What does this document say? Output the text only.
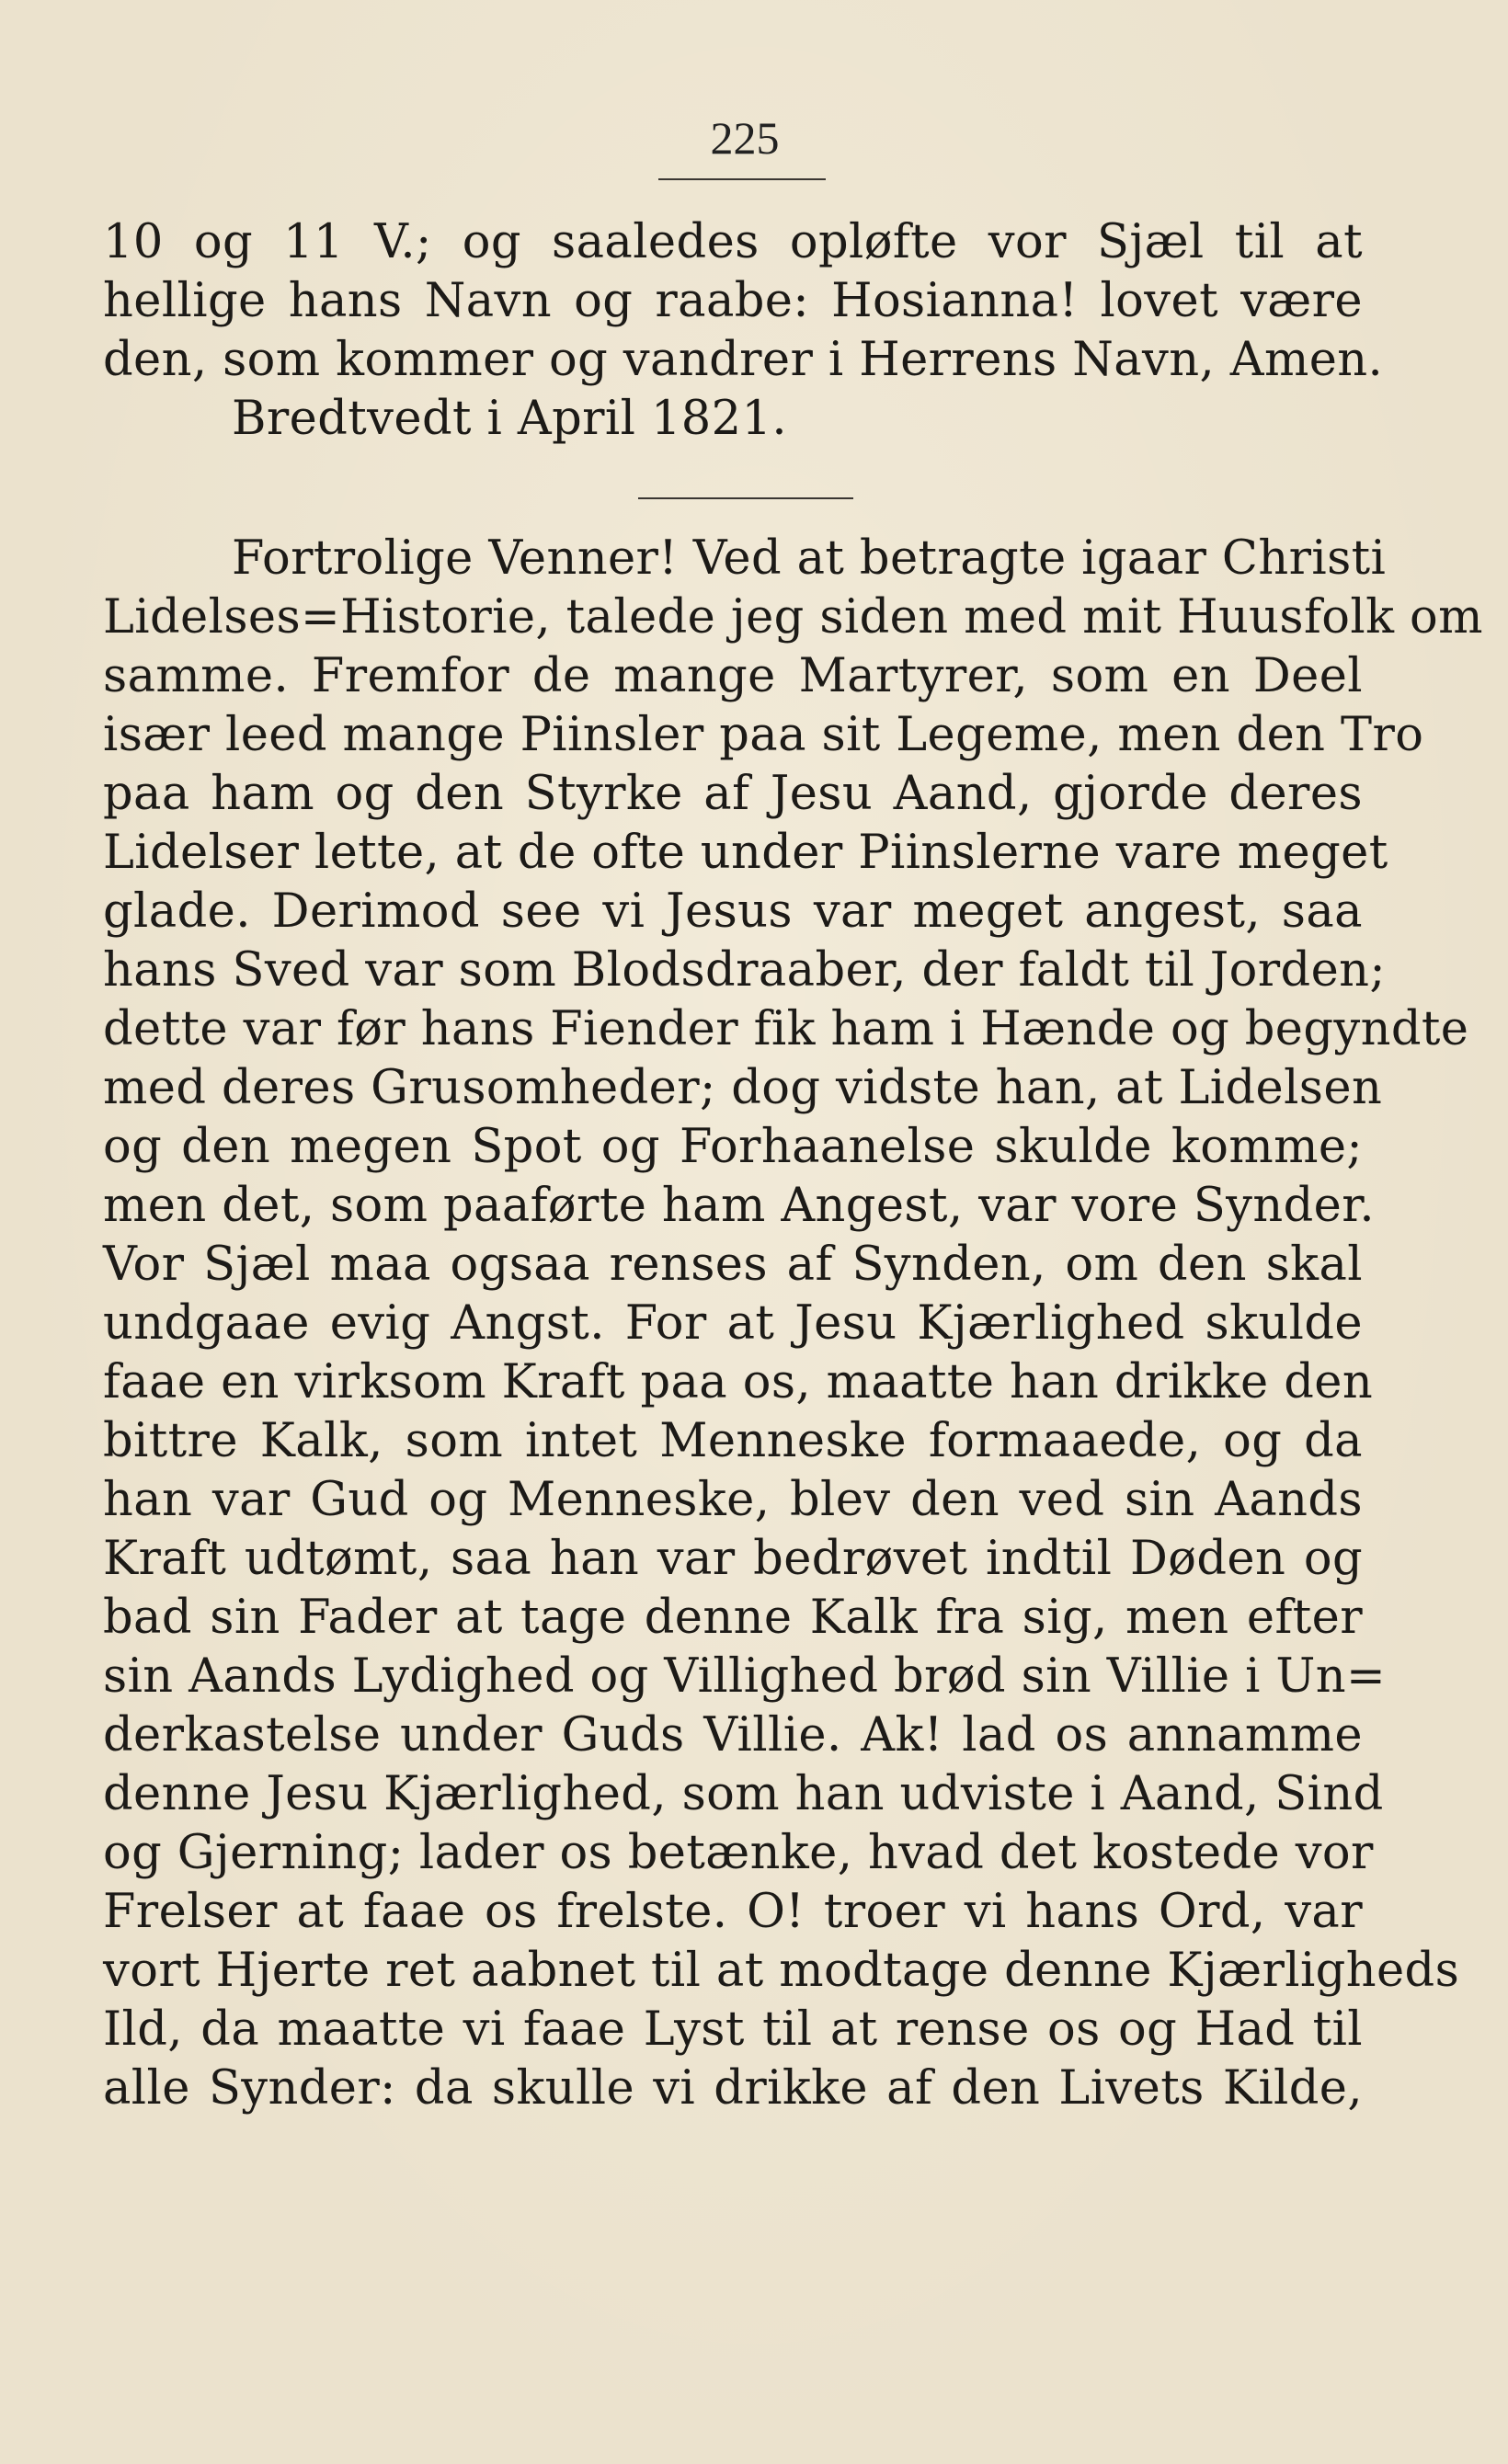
225
10 og 11 V.; og saaledes opløfte vor Sjæl til at
hellige hans Navn og raabe: Hosianna! lovet være
den, som kommer og vandrer i Herrens Navn, Amen.
Bredtvedt i April 1821.
Fortrolige Venner! Ved at betragte igaar Christi
Lidelses=Historie, talede jeg siden med mit Huusfolk om
samme. Fremfor de mange Martyrer, som en Deel
især leed mange Piinsler paa sit Legeme, men den Tro
paa ham og den Styrke af Jesu Aand, gjorde deres
Lidelser lette, at de ofte under Piinslerne vare meget
glade. Derimod see vi Jesus var meget angest, saa
hans Sved var som Blodsdraaber, der faldt til Jorden;
dette var før hans Fiender fik ham i Hænde og begyndte
med deres Grusomheder; dog vidste han, at Lidelsen
og den megen Spot og Forhaanelse skulde komme;
men det, som paaførte ham Angest, var vore Synder.
Vor Sjæl maa ogsaa renses af Synden, om den skal
undgaae evig Angst. For at Jesu Kjærlighed skulde
faae en virksom Kraft paa os, maatte han drikke den
bittre Kalk, som intet Menneske formaaede, og da
han var Gud og Menneske, blev den ved sin Aands
Kraft udtømt, saa han var bedrøvet indtil Døden og
bad sin Fader at tage denne Kalk fra sig, men efter
sin Aands Lydighed og Villighed brød sin Villie i Un=
derkastelse under Guds Villie. Ak! lad os annamme
denne Jesu Kjærlighed, som han udviste i Aand, Sind
og Gjerning; lader os betænke, hvad det kostede vor
Frelser at faae os frelste. O! troer vi hans Ord, var
vort Hjerte ret aabnet til at modtage denne Kjærligheds
Ild, da maatte vi faae Lyst til at rense os og Had til
alle Synder: da skulle vi drikke af den Livets Kilde,
